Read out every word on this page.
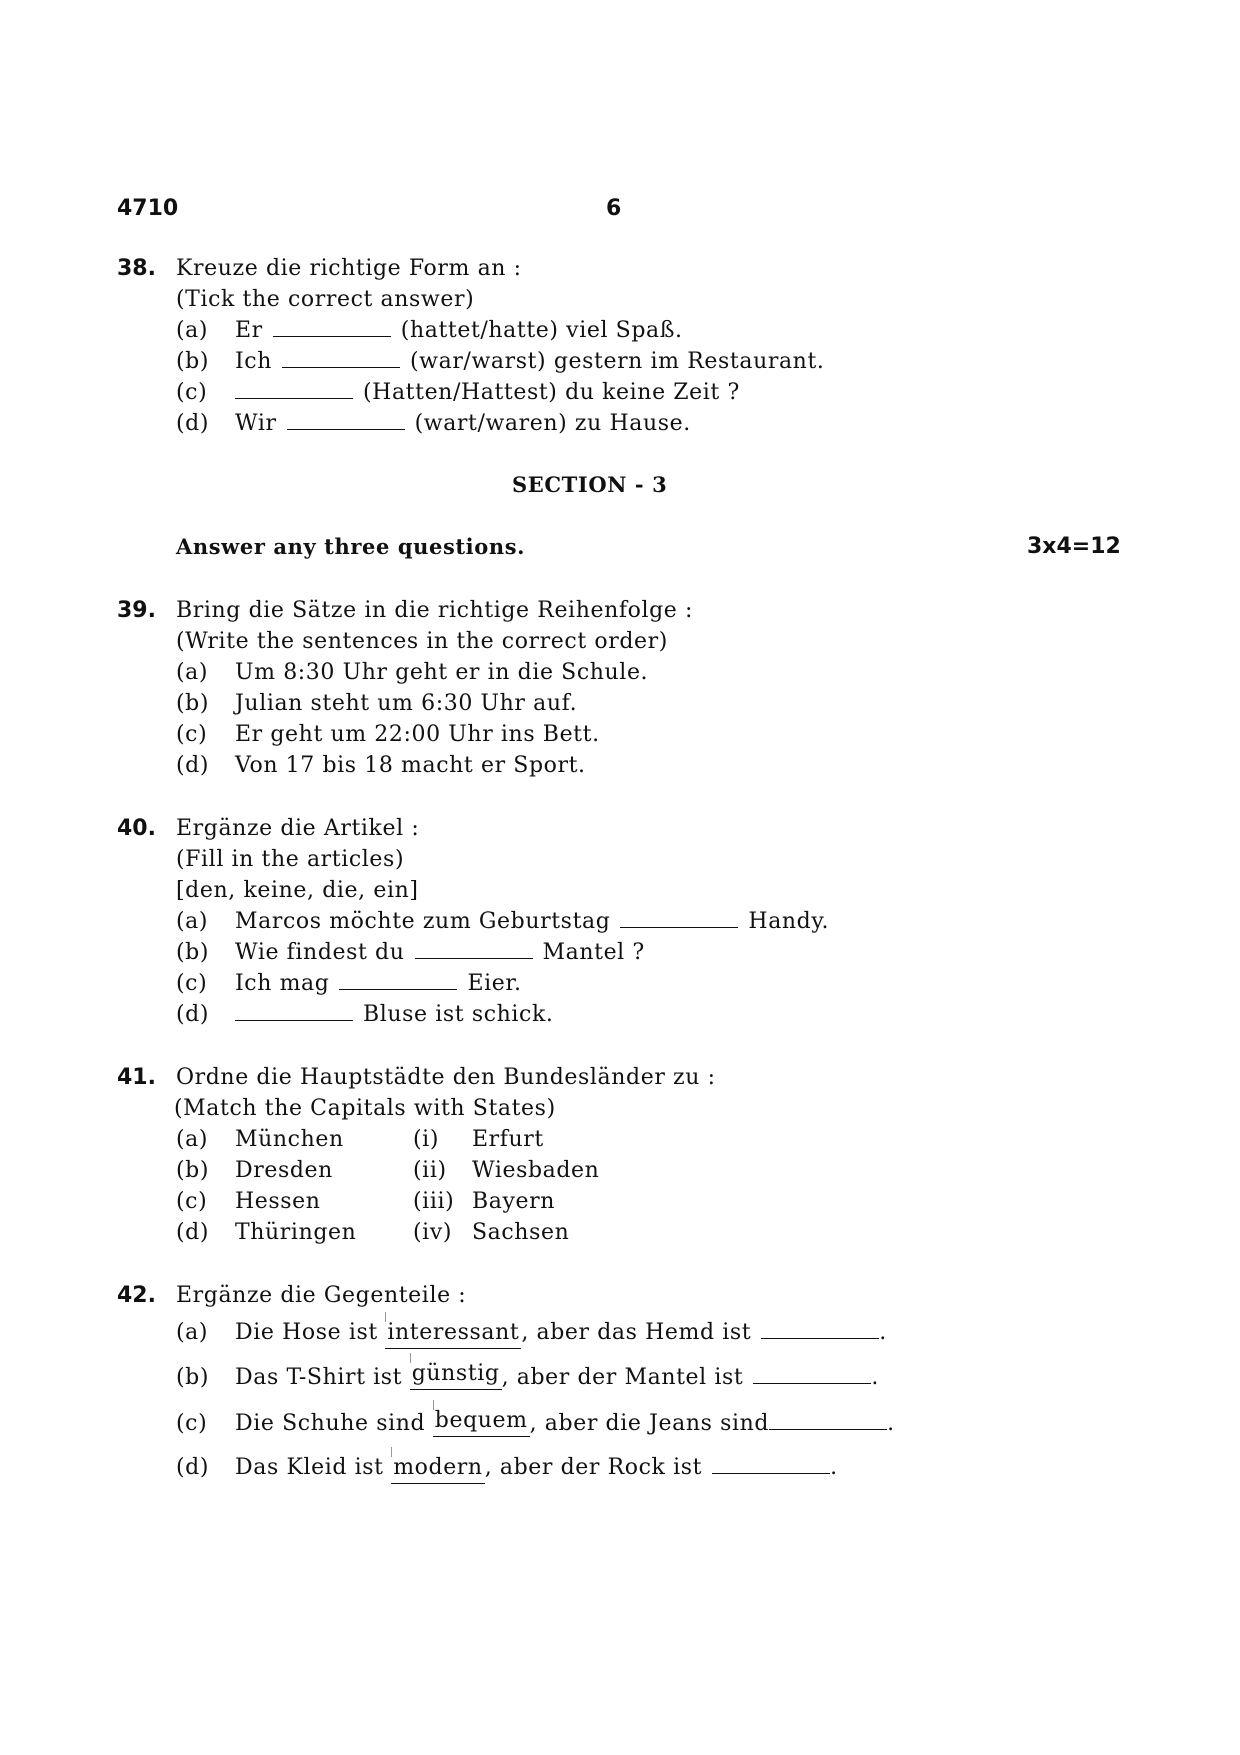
4710	6
38. Kreuze die richtige Form an :
(Tick the correct answer)
(a) Er	(hattet/hatte) viel Spaß.
(b) Ich	(war/warst) gestern im Restaurant.
(c)	(Hatten/Hattest) du keine Zeit ?
(d) Wir	(wart/waren) zu Hause.
SECTION - 3
Answer any three questions.	3x4=12
39. Bring die Sätze in die richtige Reihenfolge :
(Write the sentences in the correct order)
(a) Um 8:30 Uhr geht er in die Schule.
(b) Julian steht um 6:30 Uhr auf.
(c) Er geht um 22:00 Uhr ins Bett.
(d) Von 17 bis 18 macht er Sport.
40. Ergänze die Artikel :
(Fill in the articles)
[den, keine, die, ein]
(a) Marcos möchte zum Geburtstag	Handy.
(b) Wie findest du	Mantel ?
(c) Ich mag	Eier.
(d)	Bluse ist schick.
41. Ordne die Hauptstädte den Bundesländer zu :
(Match the Capitals with States)
(a) München	(i) Erfurt
(b) Dresden	(ii) Wiesbaden
(c) Hessen	(iii) Bayern
(d) Thüringen	(iv) Sachsen
42. Ergänze die Gegenteile :
(a) Die Hose ist interessant, aber das Hemd ist	.
(b) Das T-Shirt ist günstig, aber der Mantel ist	.
(c) Die Schuhe sind bequem, aber die Jeans sind	.
(d) Das Kleid ist modern, aber der Rock ist	.
